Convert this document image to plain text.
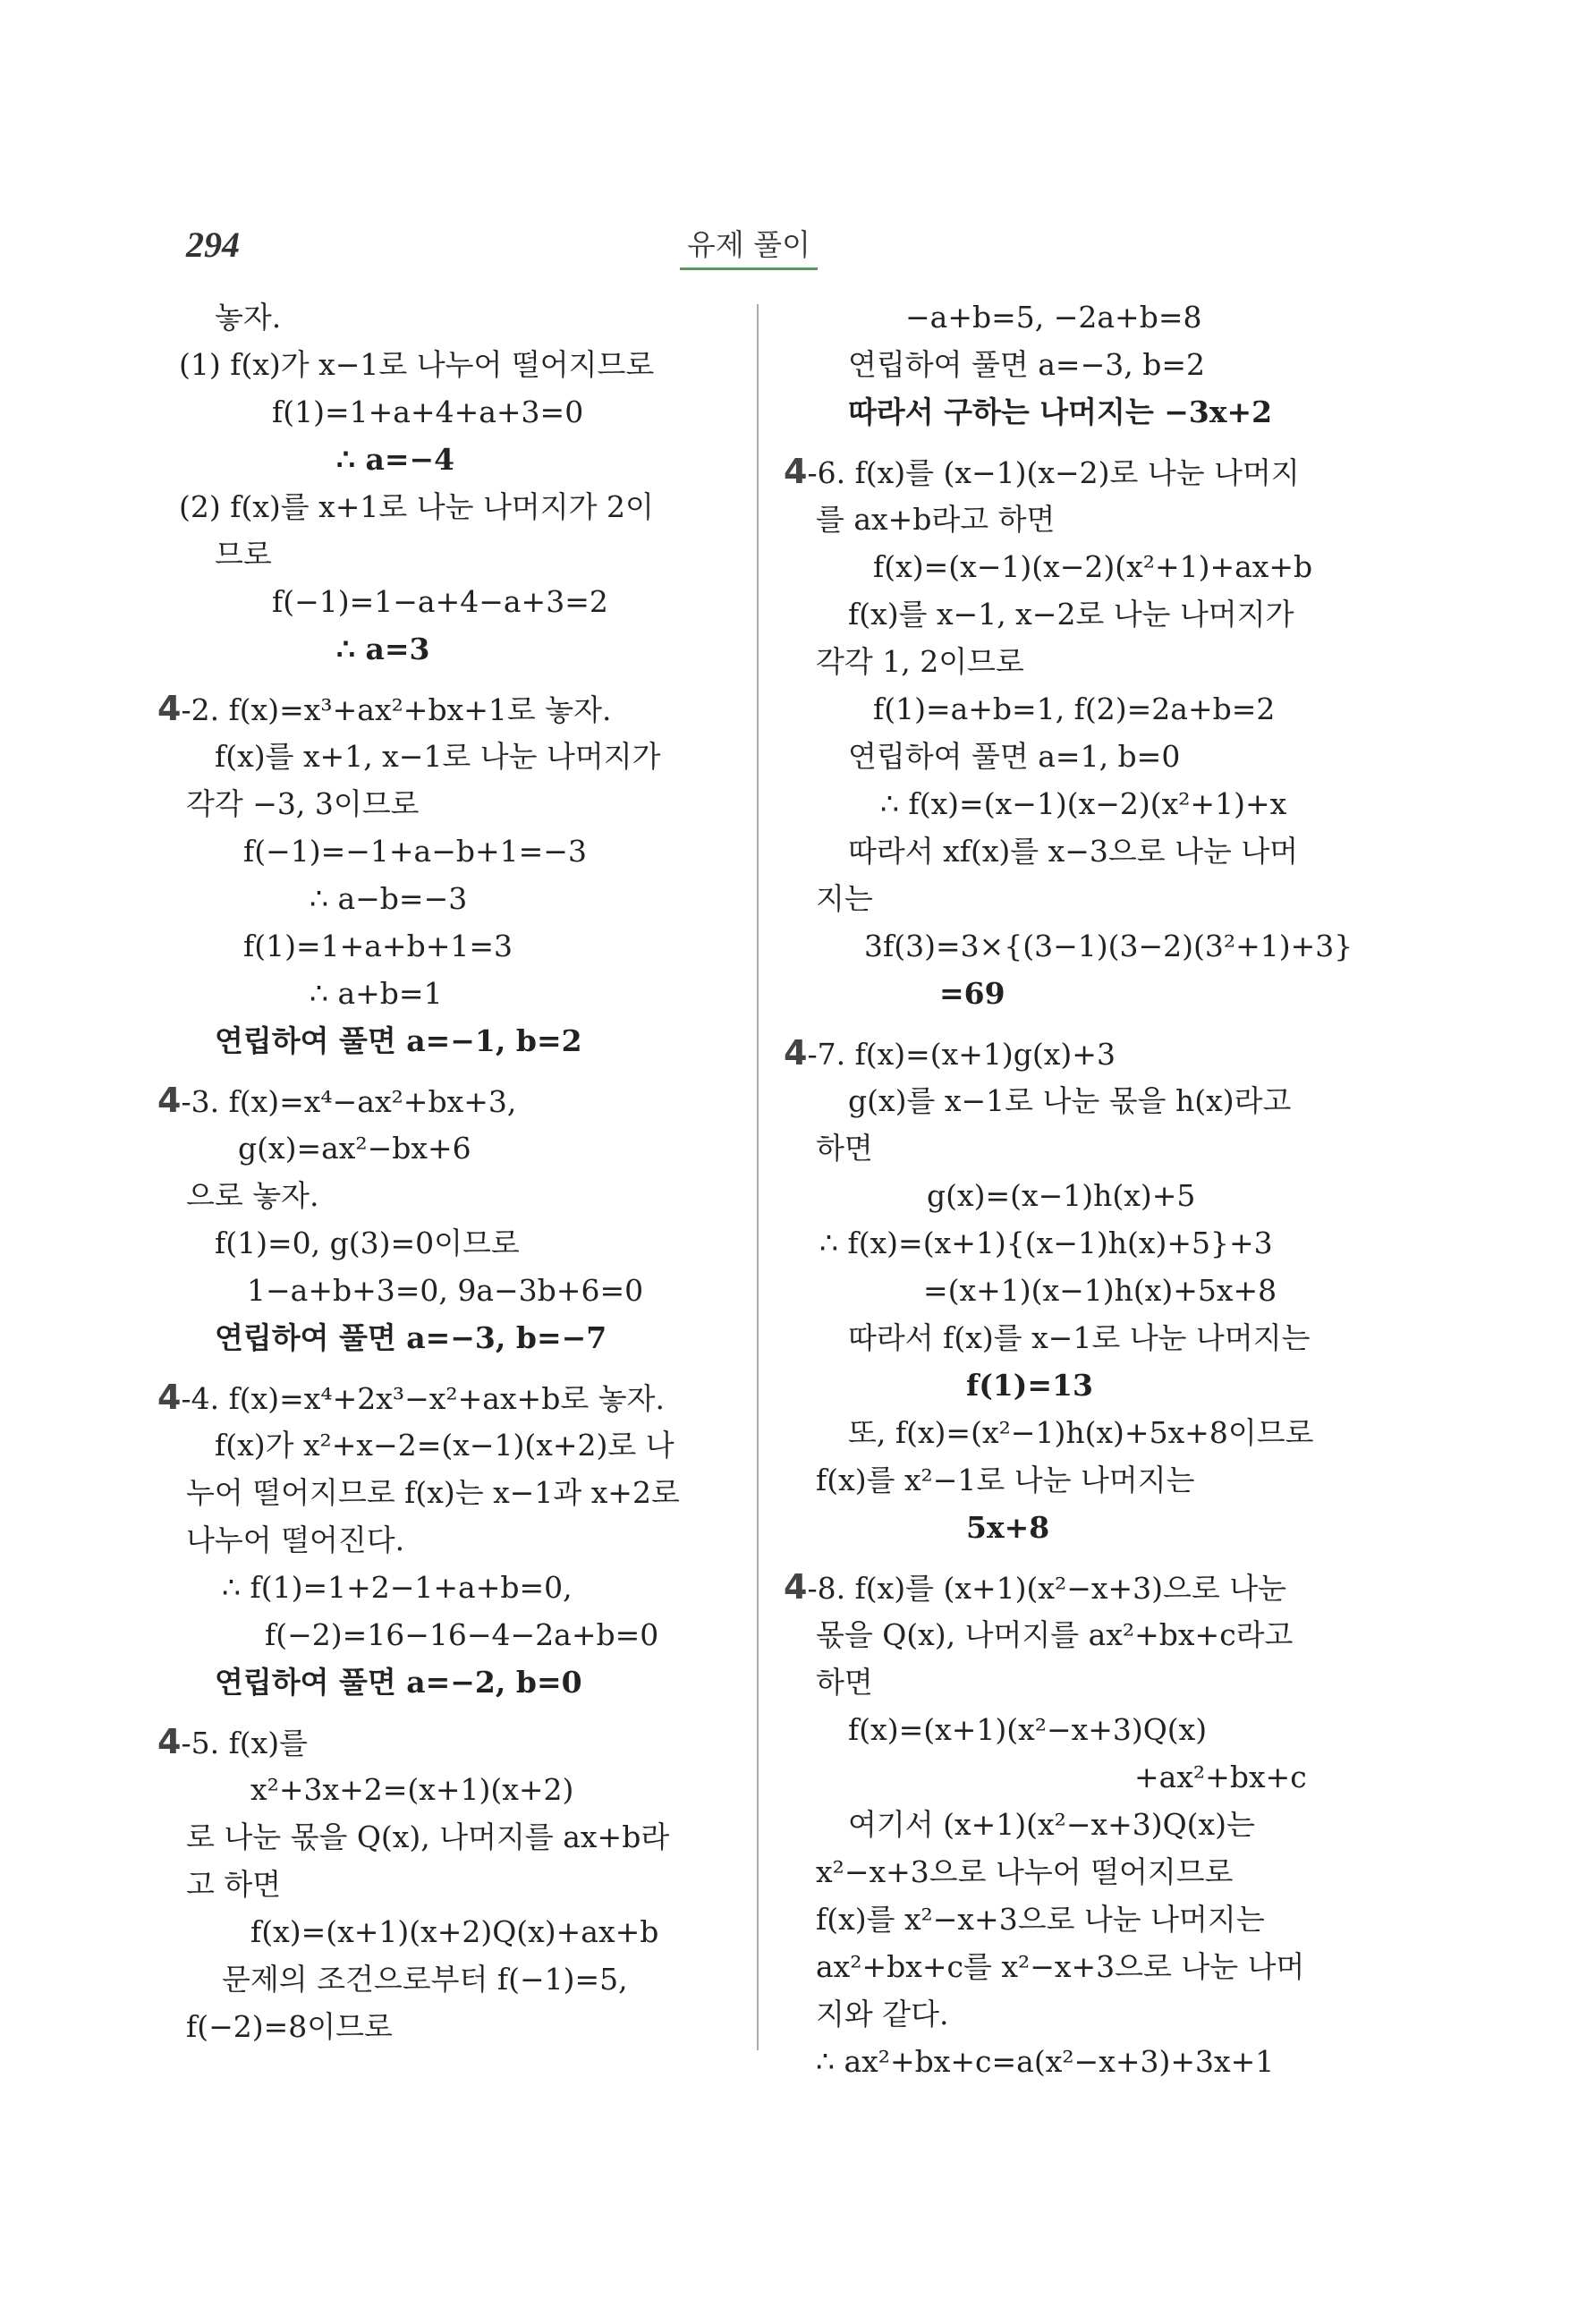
294	유제 풀이
놓자.
(1) f(x)가 x−1로 나누어 떨어지므로
f(1)=1+a+4+a+3=0
∴ a=−4
(2) f(x)를 x+1로 나눈 나머지가 2이
므로
f(−1)=1−a+4−a+3=2
∴ a=3
4-2. f(x)=x³+ax²+bx+1로 놓자.
f(x)를 x+1, x−1로 나눈 나머지가
각각 −3, 3이므로
f(−1)=−1+a−b+1=−3
∴ a−b=−3
f(1)=1+a+b+1=3
∴ a+b=1
연립하여 풀면 a=−1, b=2
4-3. f(x)=x⁴−ax²+bx+3,
g(x)=ax²−bx+6
으로 놓자.
f(1)=0, g(3)=0이므로
1−a+b+3=0, 9a−3b+6=0
연립하여 풀면 a=−3, b=−7
4-4. f(x)=x⁴+2x³−x²+ax+b로 놓자.
f(x)가 x²+x−2=(x−1)(x+2)로 나
누어 떨어지므로 f(x)는 x−1과 x+2로
나누어 떨어진다.
∴ f(1)=1+2−1+a+b=0,
f(−2)=16−16−4−2a+b=0
연립하여 풀면 a=−2, b=0
4-5. f(x)를
x²+3x+2=(x+1)(x+2)
로 나눈 몫을 Q(x), 나머지를 ax+b라
고 하면
f(x)=(x+1)(x+2)Q(x)+ax+b
문제의 조건으로부터 f(−1)=5,
f(−2)=8이므로
−a+b=5, −2a+b=8
연립하여 풀면 a=−3, b=2
따라서 구하는 나머지는 −3x+2
4-6. f(x)를 (x−1)(x−2)로 나눈 나머지
를 ax+b라고 하면
f(x)=(x−1)(x−2)(x²+1)+ax+b
f(x)를 x−1, x−2로 나눈 나머지가
각각 1, 2이므로
f(1)=a+b=1, f(2)=2a+b=2
연립하여 풀면 a=1, b=0
∴ f(x)=(x−1)(x−2)(x²+1)+x
따라서 xf(x)를 x−3으로 나눈 나머
지는
3f(3)=3×{(3−1)(3−2)(3²+1)+3}
=69
4-7. f(x)=(x+1)g(x)+3
g(x)를 x−1로 나눈 몫을 h(x)라고
하면
g(x)=(x−1)h(x)+5
∴ f(x)=(x+1){(x−1)h(x)+5}+3
=(x+1)(x−1)h(x)+5x+8
따라서 f(x)를 x−1로 나눈 나머지는
f(1)=13
또, f(x)=(x²−1)h(x)+5x+8이므로
f(x)를 x²−1로 나눈 나머지는
5x+8
4-8. f(x)를 (x+1)(x²−x+3)으로 나눈
몫을 Q(x), 나머지를 ax²+bx+c라고
하면
f(x)=(x+1)(x²−x+3)Q(x)
+ax²+bx+c
여기서 (x+1)(x²−x+3)Q(x)는
x²−x+3으로 나누어 떨어지므로
f(x)를 x²−x+3으로 나눈 나머지는
ax²+bx+c를 x²−x+3으로 나눈 나머
지와 같다.
∴ ax²+bx+c=a(x²−x+3)+3x+1
